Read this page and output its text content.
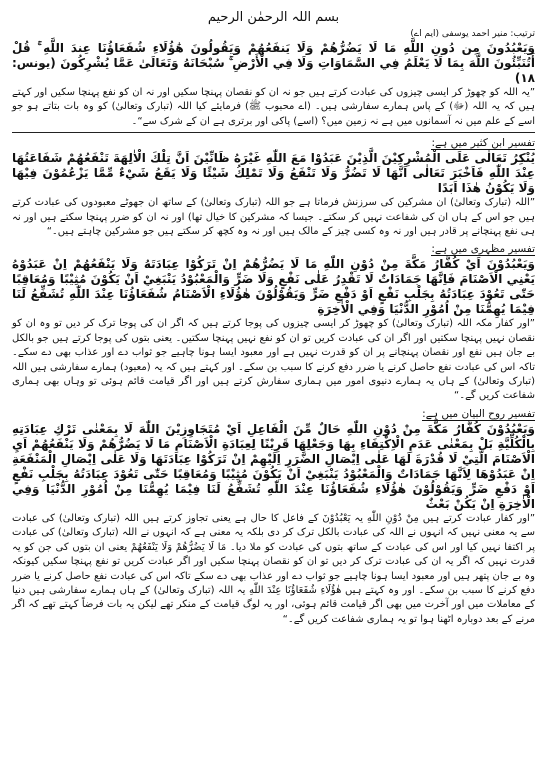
بسم اللہ الرحمٰن الرحیم
ترتیب: منیر احمد یوسفی (ایم اے)

وَيَعْبُدُونَ مِن دُونِ اللَّهِ مَا لَا يَضُرُّهُمْ وَلَا يَنفَعُهُمْ وَيَقُولُونَ هَٰؤُلَاءِ شُفَعَاؤُنَا عِندَ اللَّهِ ۚ قُلْ أَتُنَبِّئُونَ اللَّهَ بِمَا لَا يَعْلَمُ فِي السَّمَاوَاتِ وَلَا فِي الْأَرْضِ ۚ سُبْحَانَهُ وَتَعَالَىٰ عَمَّا يُشْرِكُونَ (یونس: ۱۸)

”یہ اللہ کو چھوڑ کر ایسی چیزوں کی عبادت کرتے ہیں جو نہ ان کو نقصان پہنچا سکیں اور نہ ان کو نفع پہنچا سکیں اور کہتے ہیں کہ یہ اللہ (ﷻ) کے پاس ہمارے سفارشی ہیں۔ (اے محبوب ﷺ) فرمایئے کیا اللہ (تبارک وتعالیٰ) کو وہ بات بتاتے ہو جو اسے کے علم میں نہ آسمانوں میں ہے نہ زمین میں؟ (اسے) پاکی اور برتری ہے ان کے شرک سے“۔

تفسیر ابن کثیر میں ہے:

يُنْكِرُ تَعَالٰى عَلَى الْمُشْرِكِيْنَ الَّذِيْنَ عَبَدُوْا مَعَ اللّٰهِ غَيْرَهُ ظَانِّيْنَ اَنَّ تِلْكَ الْاٰلِهَةَ تَنْفَعُهُمْ شَفَاعَتُهَا عِنْدَ اللّٰهِ فَاَخْبَرَ تَعَالٰى اَنَّهَا لَا تَضُرُّ وَلَا تَنْفَعُ وَلَا تَمْلِكُ شَيْئًا وَلَا يَقَعُ شَيْءٌ مِّمَّا يَزْعُمُوْنَ فِيْهَا وَلَا يَكُوْنُ هٰذَا اَبَدًا

”اللہ (تبارک وتعالیٰ) ان مشرکین کی سرزنش فرماتا ہے جو اللہ (تبارک وتعالیٰ) کے ساتھ ان جھوٹے معبودوں کی عبادت کرتے ہیں جو اس کے ہاں ان کی شفاعت نہیں کر سکتے۔ جیسا کہ مشرکین کا خیال تھا) اور نہ ان کو ضرر پہنچا سکتے ہیں اور نہ ہی نفع پہنچانے پر قادر ہیں اور نہ وہ کسی چیز کے مالک ہیں اور نہ وہ کچھ کر سکتے ہیں جو مشرکین چاہتے ہیں۔“

تفسیر مظہری میں ہے:

وَيَعْبُدُوْنَ اَيْ كُفَّارُ مَكَّةَ مِنْ دُوْنِ اللّٰهِ مَا لَا يَضُرُّهُمْ اِنْ تَرَكُوْا عِبَادَتَهُ وَلَا يَنْفَعُهُمْ اِنْ عَبَدُوْهُ يَعْنِي الْاَصْنَامَ فَاِنَّهَا جَمَادَاتٌ لَا تَقْدِرُ عَلٰى نَفْعٍ وَلَا ضَرٍّ وَالْمَعْبُوْدُ يَنْبَغِيْ اَنْ يَكُوْنَ مُثِيْبًا وَمُعَاقِبًا حَتّٰى تَعُوْدَ عِبَادَتُهُ بِجَلْبِ نَفْعٍ اَوْ دَفْعِ ضَرٍّ وَيَقُوْلُوْنَ هٰؤُلَاءِ الْاَصْنَامُ شُفَعَاؤُنَا عِنْدَ اللّٰهِ تُشَفِّعُ لَنَا فِيْمَا يُهِمُّنَا مِنْ اُمُوْرِ الدُّنْيَا وَفِي الْاٰخِرَةِ

”اور کفار مکہ اللہ (تبارک وتعالیٰ) کو چھوڑ کر ایسی چیزوں کی پوجا کرتے ہیں کہ اگر ان کی پوجا ترک کر دیں تو وہ ان کو نقصان نہیں پہنچا سکتیں اور اگر ان کی عبادت کریں تو ان کو نفع نہیں پہنچا سکتیں۔ یعنی بتوں کی پوجا کرتے ہیں جو بالکل بے جان ہیں نفع اور نقصان پہنچانے پر ان کو قدرت نہیں ہے اور معبود ایسا ہونا چاہیے جو ثواب دے اور عذاب بھی دے سکے۔ تاکہ اس کی عبادت نفع حاصل کرنے یا ضرر دفع کرنے کا سبب بن سکے۔ اور کہتے ہیں کہ یہ (معبود) ہمارے سفارشی ہیں اللہ (تبارک وتعالیٰ) کے ہاں یہ ہمارے دنیوی امور میں ہماری سفارش کرتے ہیں اور اگر قیامت قائم ہوئی تو وہاں بھی ہماری شفاعت کریں گے۔“

تفسیر روح البیان میں ہے:

وَيَعْبُدُوْنَ كُفَّارُ مَكَّةَ مِنْ دُوْنِ اللّٰهِ حَالٌ مِّنَ الْفَاعِلِ اَيْ مُتَجَاوِزِيْنَ اللّٰهَ لَا بِمَعْنٰى تَرْكِ عِبَادَتِهِ بِالْكُلِّيَّةِ بَلْ بِمَعْنٰى عَدَمِ الْاِكْتِفَاءِ بِهَا وَجَعْلِهَا قَرِيْنًا لِعِبَادَةِ الْاَصْنَامِ مَا لَا يَضُرُّهُمْ وَلَا يَنْفَعُهُمْ اَيِ الْاَصْنَامَ الَّتِيْ لَا قُدْرَةَ لَهَا عَلٰى اِيْصَالِ الضَّرَرِ اِلَيْهِمْ اِنْ تَرَكُوْا عِبَادَتَهَا وَلَا عَلٰى اِيْصَالِ الْمَنْفَعَةِ اِنْ عَبَدُوْهَا لِاَنَّهَا جَمَادَاتٌ وَالْمَعْبُوْدُ يَنْبَغِيْ اَنْ يَكُوْنَ مُثِيْبًا وَمُعَاقِبًا حَتّٰى تَعُوْدَ عِبَادَتُهُ بِجَلْبِ نَفْعٍ اَوْ دَفْعِ ضَرٍّ وَيَقُوْلُوْنَ هٰؤُلَاءِ شُفَعَاؤُنَا عِنْدَ اللّٰهِ تُشَفِّعُ لَنَا فِيْمَا يُهِمُّنَا مِنْ اُمُوْرِ الدُّنْيَا وَفِي الْاٰخِرَةِ اِنْ يَكُنْ بَعْثٌ

”اور کفار عبادت کرتے ہیں مِنْ دُوْنِ اللّٰهِ یہ يَعْبُدُوْنَ کے فاعل کا حال ہے یعنی تجاوز کرتے ہیں اللہ (تبارک وتعالیٰ) کی عبادت سے یہ معنی نہیں کہ انہوں نے اللہ کی عبادت بالکل ترک کر دی بلکہ یہ معنی ہے کہ انہوں نے اللہ (تبارک وتعالیٰ) کی عبادت پر اکتفا نہیں کیا اور اس کی عبادت کے ساتھ بتوں کی عبادت کو ملا دیا۔ مَا لَا يَضُرُّهُمْ وَلَا يَنْفَعُهُمْ یعنی ان بتوں کی جن کو یہ قدرت نہیں کہ اگر یہ ان کی عبادت ترک کر دیں تو ان کو نقصان پہنچا سکیں اور اگر عبادت کریں تو نفع پہنچا سکیں کیونکہ وہ بے جان پتھر ہیں اور معبود ایسا ہونا چاہیے جو ثواب دے اور عذاب بھی دے سکے تاکہ اس کی عبادت نفع حاصل کرنے یا ضرر دفع کرنے کا سبب بن سکے۔ اور وہ کہتے ہیں هٰؤُلَاءِ شُفَعَاؤُنَا عِنْدَ اللّٰهِ یہ اللہ (تبارک وتعالیٰ) کے ہاں ہمارے سفارشی ہیں دنیا کے معاملات میں اور آخرت میں بھی اگر قیامت قائم ہوئی، اور یہ لوگ قیامت کے منکر تھے لیکن یہ بات فرضاً کہتے تھے کہ اگر مرنے کے بعد دوبارہ اٹھنا ہوا تو یہ ہماری شفاعت کریں گے۔“
